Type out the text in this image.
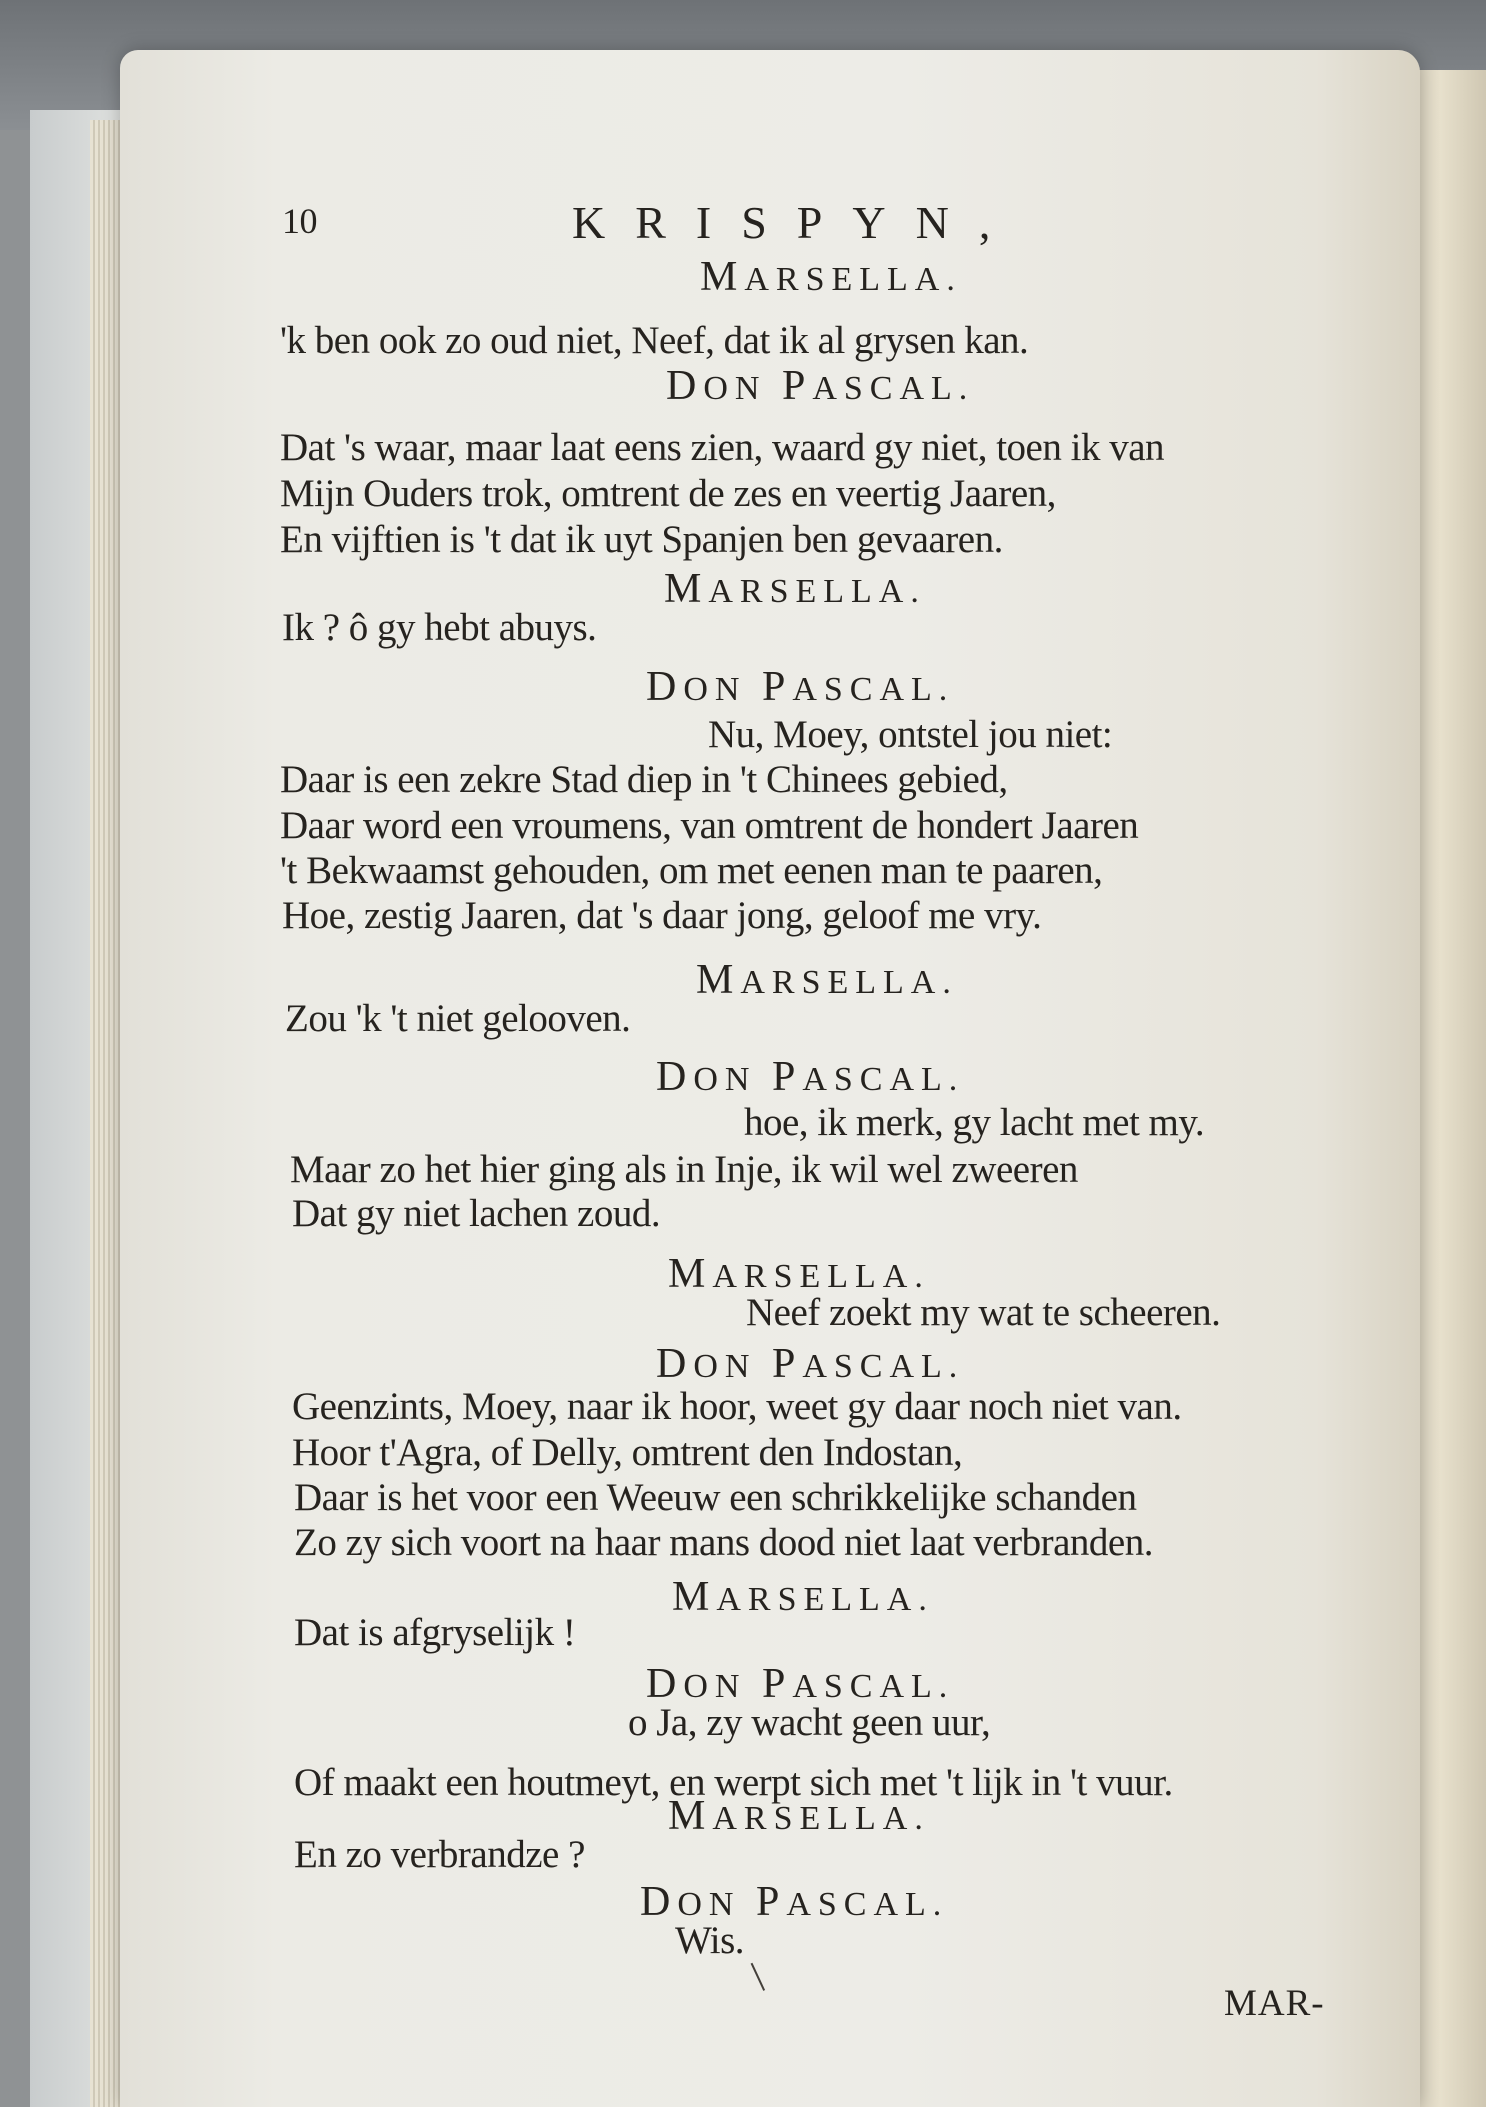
10	KRISPYN,
MARSELLA.
'k ben ook zo oud niet, Neef, dat ik al grysen kan.
DON PASCAL.
Dat 's waar, maar laat eens zien, waard gy niet, toen ik van
Mijn Ouders trok, omtrent de zes en veertig Jaaren,
En vijftien is 't dat ik uyt Spanjen ben gevaaren.
MARSELLA.
Ik ? ô gy hebt abuys.
DON PASCAL.
Nu, Moey, ontstel jou niet:
Daar is een zekre Stad diep in 't Chinees gebied,
Daar word een vroumens, van omtrent de hondert Jaaren
't Bekwaamst gehouden, om met eenen man te paaren,
Hoe, zestig Jaaren, dat 's daar jong, geloof me vry.
MARSELLA.
Zou 'k 't niet gelooven.
DON PASCAL.
hoe, ik merk, gy lacht met my.
Maar zo het hier ging als in Inje, ik wil wel zweeren
Dat gy niet lachen zoud.
MARSELLA.
Neef zoekt my wat te scheeren.
DON PASCAL.
Geenzints, Moey, naar ik hoor, weet gy daar noch niet van.
Hoor t'Agra, of Delly, omtrent den Indostan,
Daar is het voor een Weeuw een schrikkelijke schanden
Zo zy sich voort na haar mans dood niet laat verbranden.
MARSELLA.
Dat is afgryselijk !
DON PASCAL.
o Ja, zy wacht geen uur,
Of maakt een houtmeyt, en werpt sich met 't lijk in 't vuur.
MARSELLA.
En zo verbrandze ?
DON PASCAL.
Wis.
MAR-
